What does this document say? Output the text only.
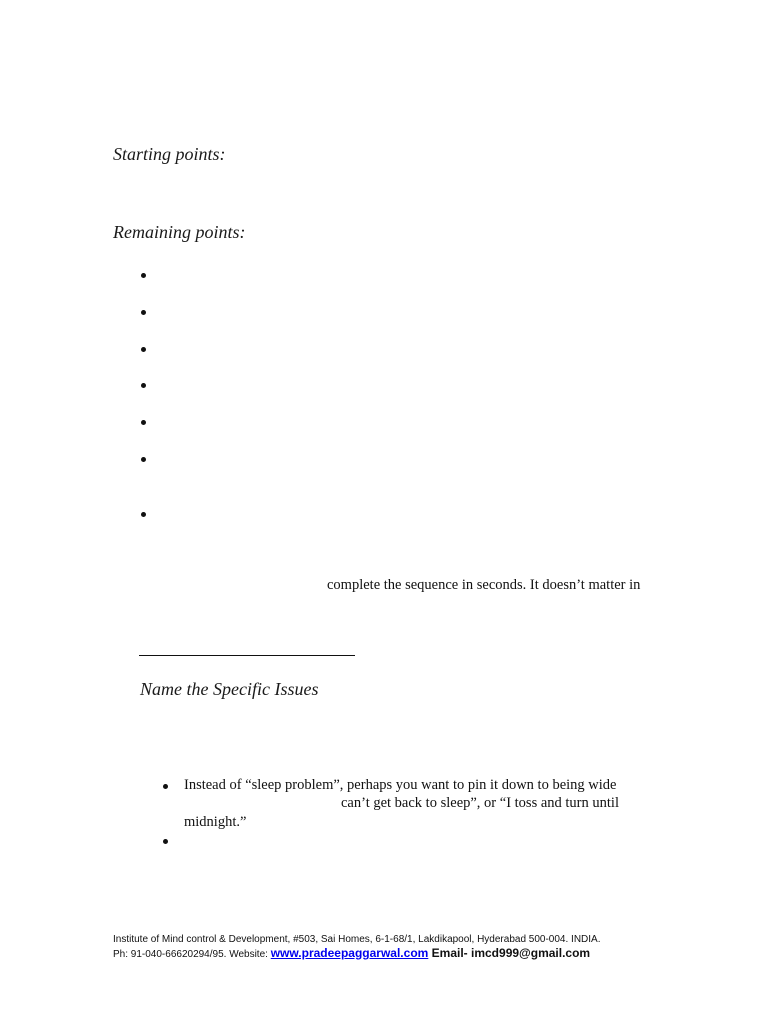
Starting points:
Remaining points:
complete the sequence in seconds. It doesn’t matter in
Name the Specific Issues
Instead of “sleep problem”, perhaps you want to pin it down to being wide
can’t get back to sleep”, or “I toss and turn until
midnight.”
Institute of Mind control & Development, #503, Sai Homes, 6-1-68/1, Lakdikapool, Hyderabad 500-004. INDIA.
Ph: 91-040-66620294/95. Website: www.pradeepaggarwal.com Email- imcd999@gmail.com
